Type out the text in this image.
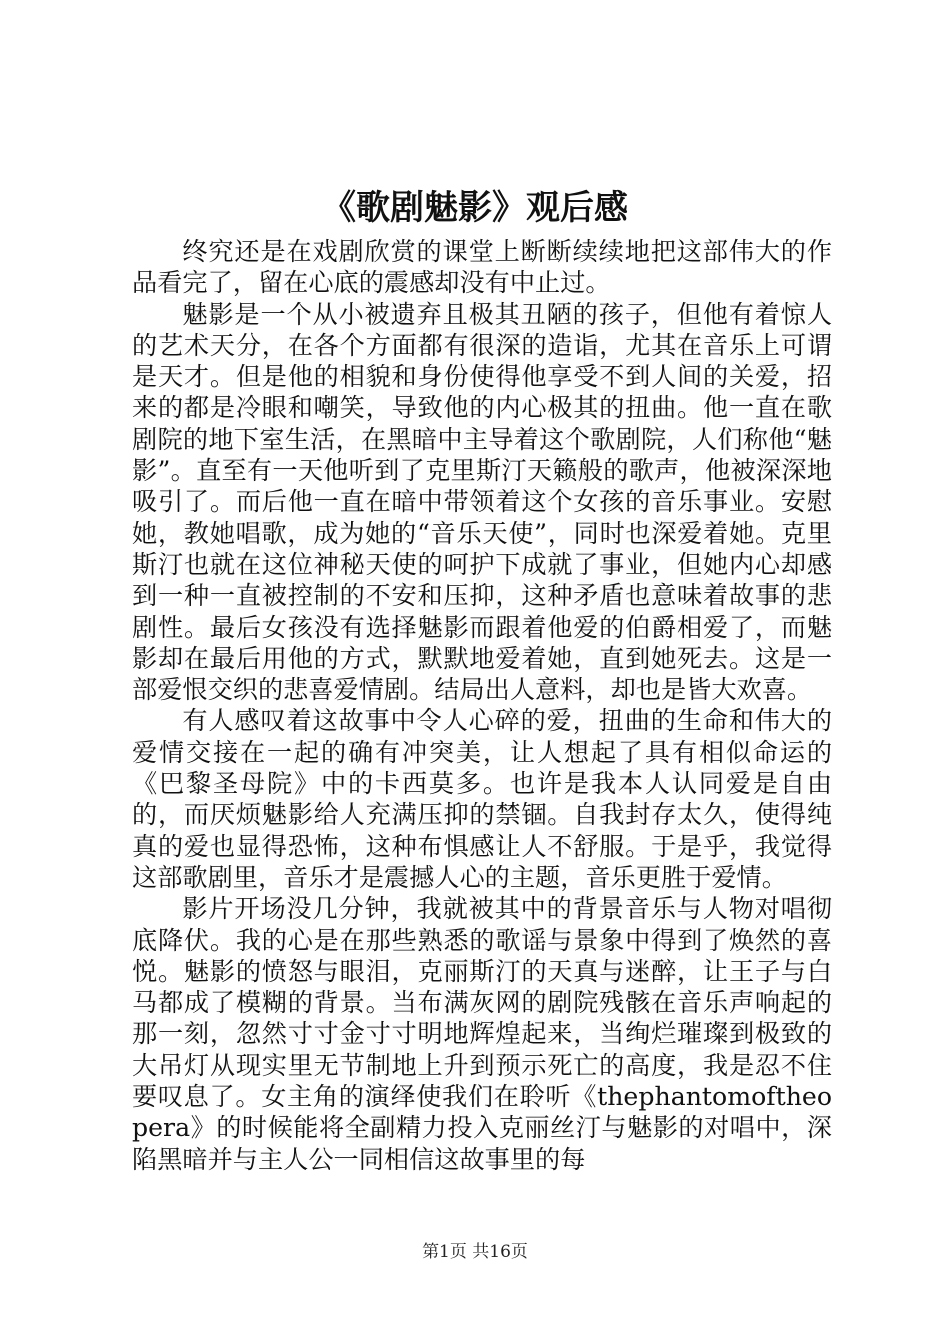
《歌剧魅影》观后感

终究还是在戏剧欣赏的课堂上断断续续地把这部伟大的作品看完了，留在心底的震感却没有中止过。

魅影是一个从小被遗弃且极其丑陋的孩子，但他有着惊人的艺术天分，在各个方面都有很深的造诣，尤其在音乐上可谓是天才。但是他的相貌和身份使得他享受不到人间的关爱，招来的都是冷眼和嘲笑，导致他的内心极其的扭曲。他一直在歌剧院的地下室生活，在黑暗中主导着这个歌剧院，人们称他“魅影”。直至有一天他听到了克里斯汀天籁般的歌声，他被深深地吸引了。而后他一直在暗中带领着这个女孩的音乐事业。安慰她，教她唱歌，成为她的“音乐天使”，同时也深爱着她。克里斯汀也就在这位神秘天使的呵护下成就了事业，但她内心却感到一种一直被控制的不安和压抑，这种矛盾也意味着故事的悲剧性。最后女孩没有选择魅影而跟着他爱的伯爵相爱了，而魅影却在最后用他的方式，默默地爱着她，直到她死去。这是一部爱恨交织的悲喜爱情剧。结局出人意料，却也是皆大欢喜。

有人感叹着这故事中令人心碎的爱，扭曲的生命和伟大的爱情交接在一起的确有冲突美，让人想起了具有相似命运的《巴黎圣母院》中的卡西莫多。也许是我本人认同爱是自由的，而厌烦魅影给人充满压抑的禁锢。自我封存太久，使得纯真的爱也显得恐怖，这种布惧感让人不舒服。于是乎，我觉得这部歌剧里，音乐才是震撼人心的主题，音乐更胜于爱情。

影片开场没几分钟，我就被其中的背景音乐与人物对唱彻底降伏。我的心是在那些熟悉的歌谣与景象中得到了焕然的喜悦。魅影的愤怒与眼泪，克丽斯汀的天真与迷醉，让王子与白马都成了模糊的背景。当布满灰网的剧院残骸在音乐声响起的那一刻，忽然寸寸金寸寸明地辉煌起来，当绚烂璀璨到极致的大吊灯从现实里无节制地上升到预示死亡的高度，我是忍不住要叹息了。女主角的演绎使我们在聆听《thephantomoftheopera》的时候能将全副精力投入克丽丝汀与魅影的对唱中，深陷黑暗并与主人公一同相信这故事里的每

第1页 共16页
